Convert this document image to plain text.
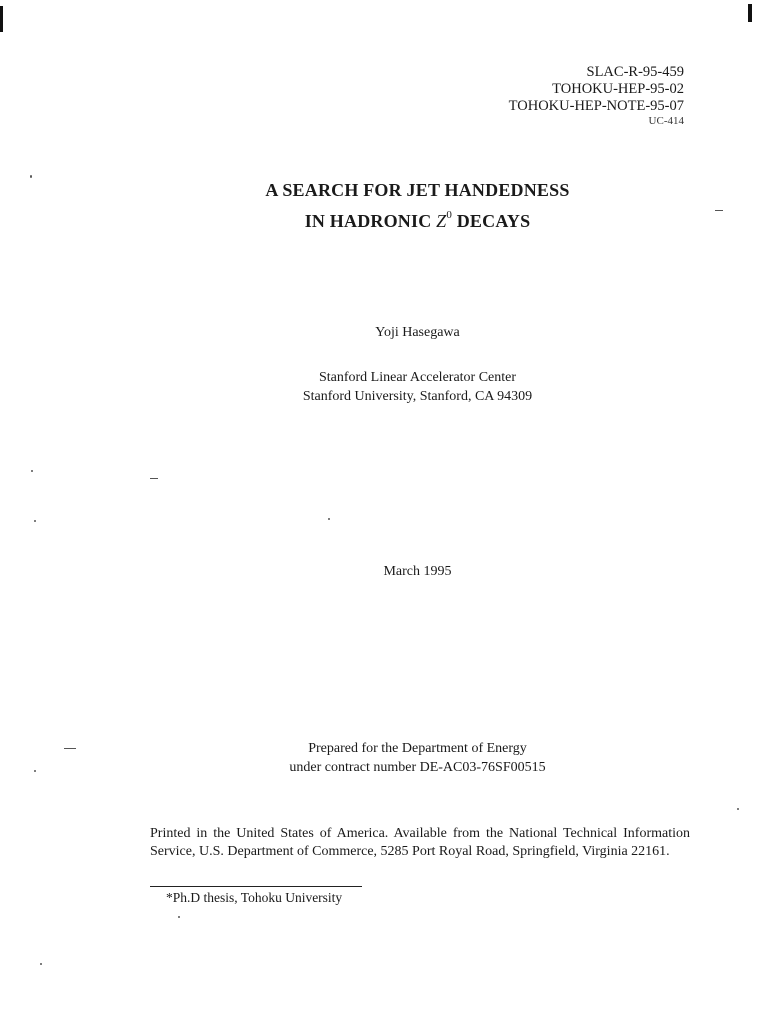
SLAC-R-95-459
TOHOKU-HEP-95-02
TOHOKU-HEP-NOTE-95-07
UC-414
A SEARCH FOR JET HANDEDNESS
IN HADRONIC $Z^0$ DECAYS
Yoji Hasegawa
Stanford Linear Accelerator Center
Stanford University, Stanford, CA 94309
March 1995
Prepared for the Department of Energy
under contract number DE-AC03-76SF00515
Printed in the United States of America. Available from the National Technical Information Service, U.S. Department of Commerce, 5285 Port Royal Road, Springfield, Virginia 22161.
*Ph.D thesis, Tohoku University
